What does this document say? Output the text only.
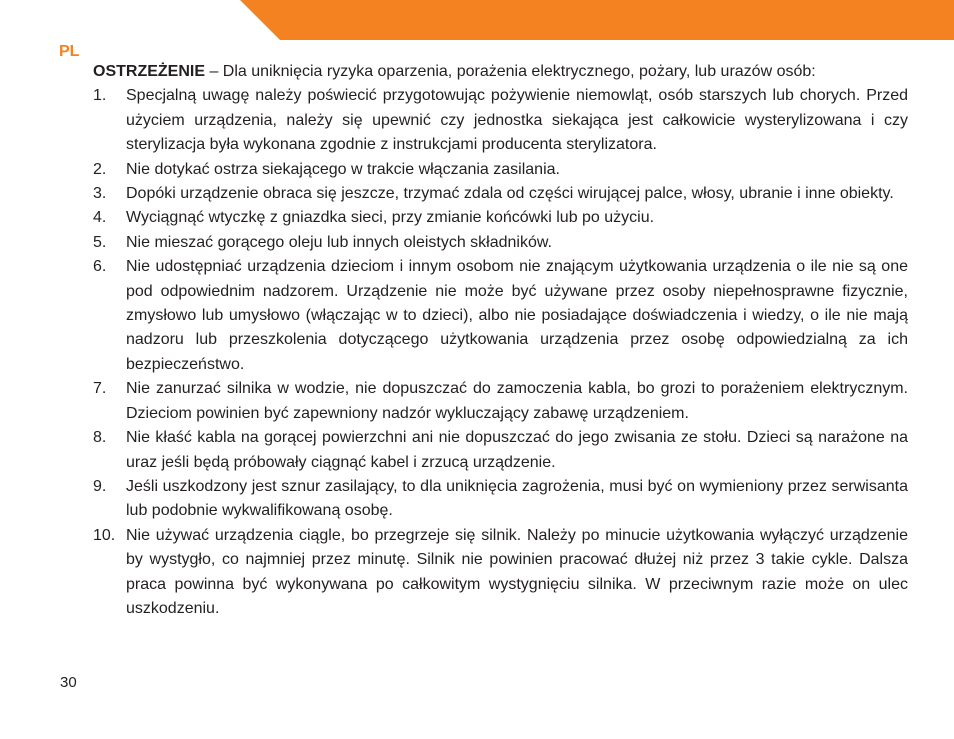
PL

OSTRZEŻENIE – Dla uniknięcia ryzyka oparzenia, porażenia elektrycznego, pożary, lub urazów osób:

1.	Specjalną uwagę należy poświecić przygotowując pożywienie niemowląt, osób starszych lub chorych. Przed użyciem urządzenia, należy się upewnić czy jednostka siekająca jest całkowicie wysterylizowana i czy sterylizacja była wykonana zgodnie z instrukcjami producenta sterylizatora.
2.	Nie dotykać ostrza siekającego w trakcie włączania zasilania.
3.	Dopóki urządzenie obraca się jeszcze, trzymać zdala od części wirującej palce, włosy, ubranie i inne obiekty.
4.	Wyciągnąć wtyczkę z gniazdka sieci, przy zmianie końcówki lub po użyciu.
5.	Nie mieszać gorącego oleju lub innych oleistych składników.
6.	Nie udostępniać urządzenia dzieciom i innym osobom nie znającym użytkowania urządzenia o ile nie są one pod odpowiednim nadzorem. Urządzenie nie może być używane przez osoby niepełnosprawne fizycznie, zmysłowo lub umysłowo (włączając w to dzieci), albo nie posiadające doświadczenia i wiedzy, o ile nie mają nadzoru lub przeszkolenia dotyczącego użytkowania urządzenia przez osobę odpowiedzialną za ich bezpieczeństwo.
7.	Nie zanurzać silnika w wodzie, nie dopuszczać do zamoczenia kabla, bo grozi to porażeniem elektrycznym. Dzieciom powinien być zapewniony nadzór wykluczający zabawę urządzeniem.
8.	Nie kłaść kabla na gorącej powierzchni ani nie dopuszczać do jego zwisania ze stołu. Dzieci są narażone na uraz jeśli będą próbowały ciągnąć kabel i zrzucą urządzenie.
9.	Jeśli uszkodzony jest sznur zasilający, to dla uniknięcia zagrożenia, musi być on wymieniony przez serwisanta lub podobnie wykwalifikowaną osobę.
10. Nie używać urządzenia ciągle, bo przegrzeje się silnik. Należy po minucie użytkowania wyłączyć urządzenie by wystygło, co najmniej przez minutę. Silnik nie powinien pracować dłużej niż przez 3 takie cykle. Dalsza praca powinna być wykonywana po całkowitym wystygnięciu silnika. W przeciwnym razie może on ulec uszkodzeniu.
30
